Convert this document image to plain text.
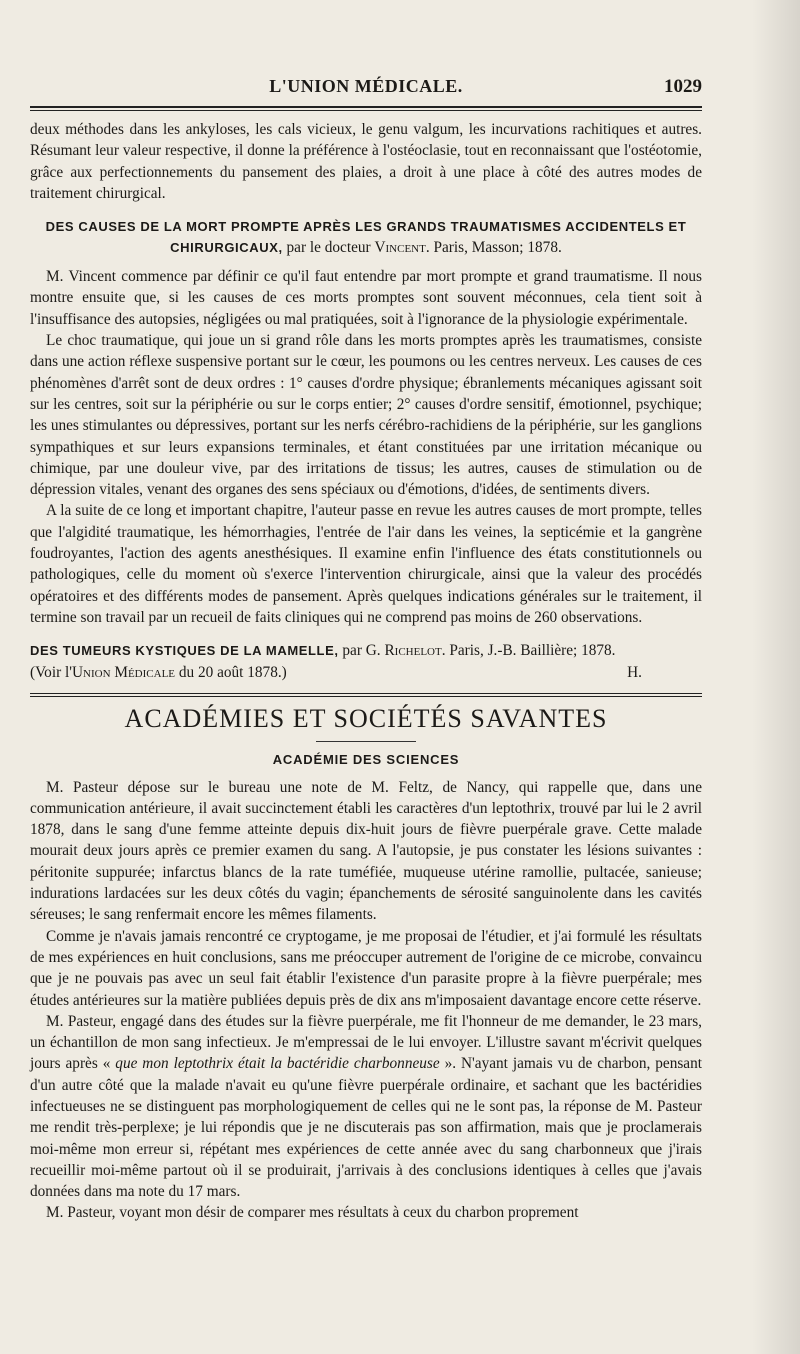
L'UNION MÉDICALE.	1029

deux méthodes dans les ankyloses, les cals vicieux, le genu valgum, les incurvations rachitiques et autres. Résumant leur valeur respective, il donne la préférence à l'ostéoclasie, tout en reconnaissant que l'ostéotomie, grâce aux perfectionnements du pansement des plaies, a droit à une place à côté des autres modes de traitement chirurgical.

DES CAUSES DE LA MORT PROMPTE APRÈS LES GRANDS TRAUMATISMES ACCIDENTELS ET CHIRURGICAUX, par le docteur Vincent. Paris, Masson; 1878.

M. Vincent commence par définir ce qu'il faut entendre par mort prompte et grand traumatisme. Il nous montre ensuite que, si les causes de ces morts promptes sont souvent méconnues, cela tient soit à l'insuffisance des autopsies, négligées ou mal pratiquées, soit à l'ignorance de la physiologie expérimentale.

Le choc traumatique, qui joue un si grand rôle dans les morts promptes après les traumatismes, consiste dans une action réflexe suspensive portant sur le cœur, les poumons ou les centres nerveux. Les causes de ces phénomènes d'arrêt sont de deux ordres : 1° causes d'ordre physique; ébranlements mécaniques agissant soit sur les centres, soit sur la périphérie ou sur le corps entier; 2° causes d'ordre sensitif, émotionnel, psychique; les unes stimulantes ou dépressives, portant sur les nerfs cérébro-rachidiens de la périphérie, sur les ganglions sympathiques et sur leurs expansions terminales, et étant constituées par une irritation mécanique ou chimique, par une douleur vive, par des irritations de tissus; les autres, causes de stimulation ou de dépression vitales, venant des organes des sens spéciaux ou d'émotions, d'idées, de sentiments divers.

A la suite de ce long et important chapitre, l'auteur passe en revue les autres causes de mort prompte, telles que l'algidité traumatique, les hémorrhagies, l'entrée de l'air dans les veines, la septicémie et la gangrène foudroyantes, l'action des agents anesthésiques. Il examine enfin l'influence des états constitutionnels ou pathologiques, celle du moment où s'exerce l'intervention chirurgicale, ainsi que la valeur des procédés opératoires et des différents modes de pansement. Après quelques indications générales sur le traitement, il termine son travail par un recueil de faits cliniques qui ne comprend pas moins de 260 observations.

DES TUMEURS KYSTIQUES DE LA MAMELLE, par G. Richelot. Paris, J.-B. Baillière; 1878.

(Voir l'Union Médicale du 20 août 1878.)	H.
ACADÉMIES ET SOCIÉTÉS SAVANTES
ACADÉMIE DES SCIENCES

M. Pasteur dépose sur le bureau une note de M. Feltz, de Nancy, qui rappelle que, dans une communication antérieure, il avait succinctement établi les caractères d'un leptothrix, trouvé par lui le 2 avril 1878, dans le sang d'une femme atteinte depuis dix-huit jours de fièvre puerpérale grave. Cette malade mourait deux jours après ce premier examen du sang. A l'autopsie, je pus constater les lésions suivantes : péritonite suppurée; infarctus blancs de la rate tuméfiée, muqueuse utérine ramollie, pultacée, sanieuse; indurations lardacées sur les deux côtés du vagin; épanchements de sérosité sanguinolente dans les cavités séreuses; le sang renfermait encore les mêmes filaments.

Comme je n'avais jamais rencontré ce cryptogame, je me proposai de l'étudier, et j'ai formulé les résultats de mes expériences en huit conclusions, sans me préoccuper autrement de l'origine de ce microbe, convaincu que je ne pouvais pas avec un seul fait établir l'existence d'un parasite propre à la fièvre puerpérale; mes études antérieures sur la matière publiées depuis près de dix ans m'imposaient davantage encore cette réserve.

M. Pasteur, engagé dans des études sur la fièvre puerpérale, me fit l'honneur de me demander, le 23 mars, un échantillon de mon sang infectieux. Je m'empressai de le lui envoyer. L'illustre savant m'écrivit quelques jours après « que mon leptothrix était la bactéridie charbonneuse ». N'ayant jamais vu de charbon, pensant d'un autre côté que la malade n'avait eu qu'une fièvre puerpérale ordinaire, et sachant que les bactéridies infectueuses ne se distinguent pas morphologiquement de celles qui ne le sont pas, la réponse de M. Pasteur me rendit très-perplexe; je lui répondis que je ne discuterais pas son affirmation, mais que je proclamerais moi-même mon erreur si, répétant mes expériences de cette année avec du sang charbonneux que j'irais recueillir moi-même partout où il se produirait, j'arrivais à des conclusions identiques à celles que j'avais données dans ma note du 17 mars.

M. Pasteur, voyant mon désir de comparer mes résultats à ceux du charbon proprement
